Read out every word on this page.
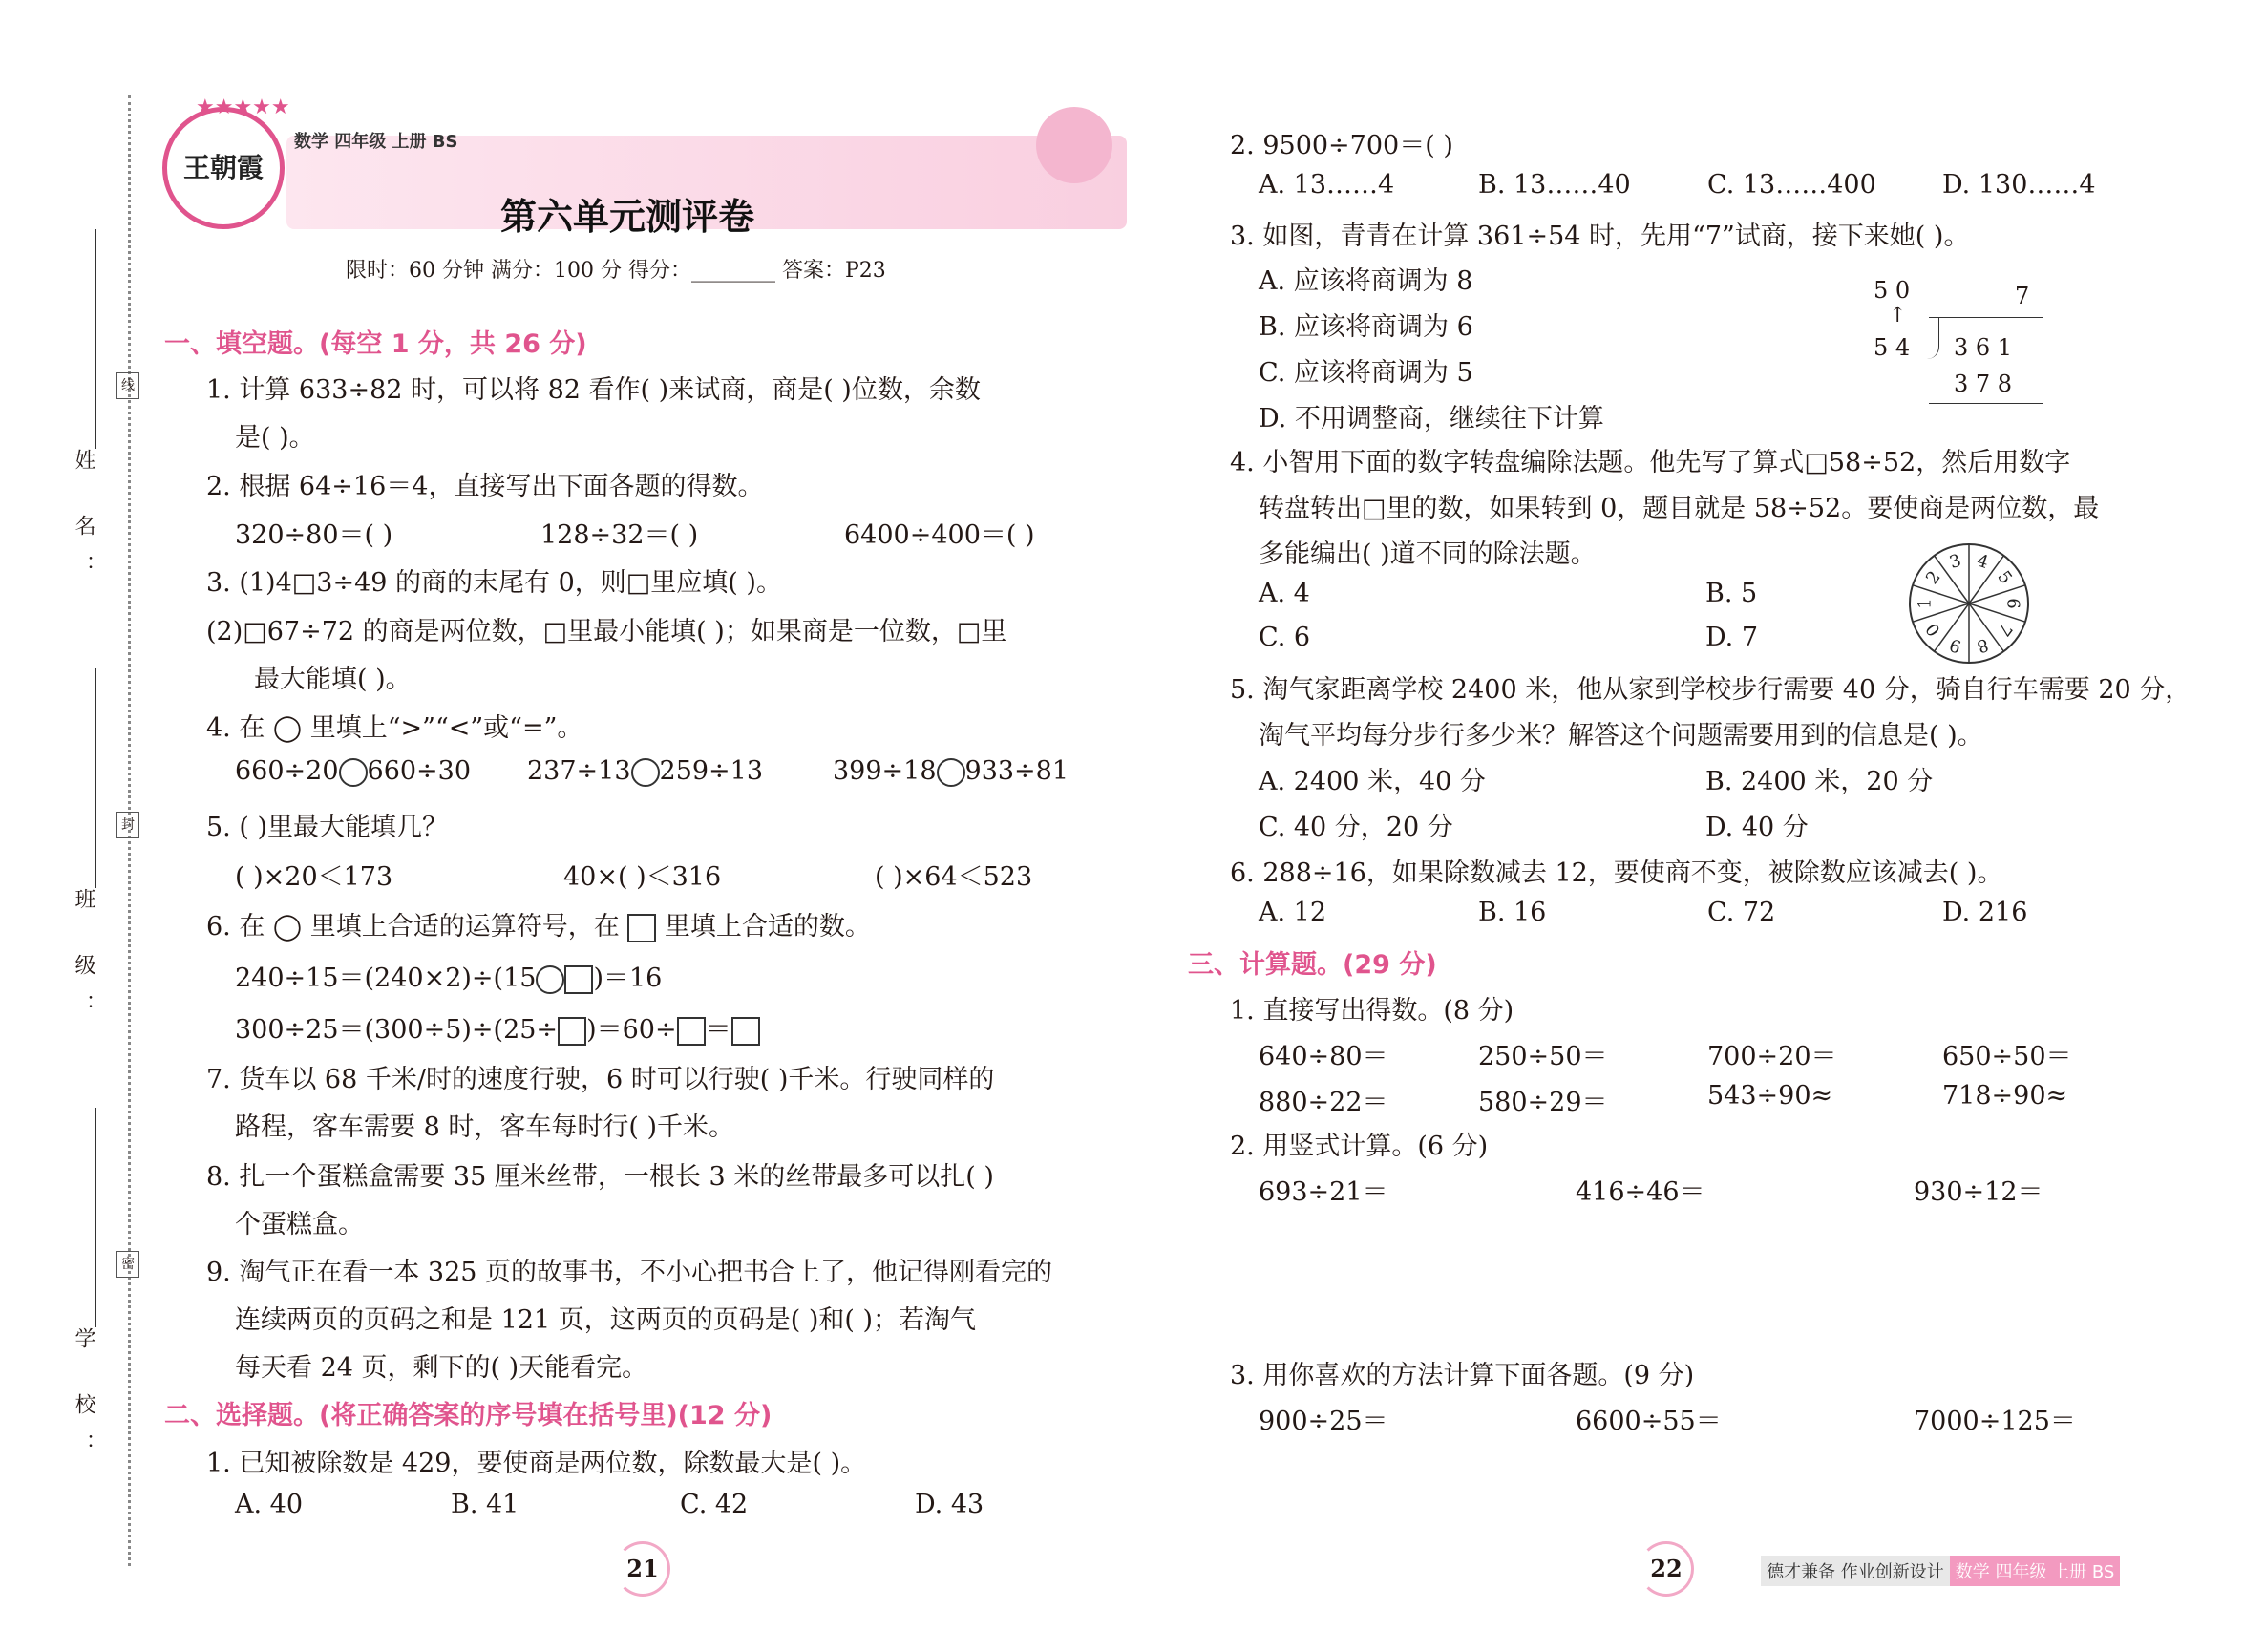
姓 名：
班 级：
学 校：
线
封
密
王朝霞
★★★★★
数学 四年级 上册 BS
第六单元测评卷
限时：60 分钟 满分：100 分 得分：________ 答案：P23
一、填空题。(每空 1 分，共 26 分)
1. 计算 633÷82 时，可以将 82 看作( )来试商，商是( )位数，余数
是( )。
2. 根据 64÷16＝4，直接写出下面各题的得数。
320÷80＝( )	128÷32＝( )	6400÷400＝( )
3. (1)4□3÷49 的商的末尾有 0，则□里应填( )。
(2)□67÷72 的商是两位数，□里最小能填( )；如果商是一位数，□里
最大能填( )。
4. 在 ◯ 里填上“>”“<”或“=”。
660÷20 660÷30 237÷13 259÷13	399÷18 933÷81
5. ( )里最大能填几？
( )×20＜173	40×( )＜316	( )×64＜523
6. 在 ◯ 里填上合适的运算符号，在 里填上合适的数。
240÷15＝(240×2)÷(15 )＝16
300÷25＝(300÷5)÷(25÷ )＝60÷ ＝
7. 货车以 68 千米/时的速度行驶，6 时可以行驶( )千米。行驶同样的
路程，客车需要 8 时，客车每时行( )千米。
8. 扎一个蛋糕盒需要 35 厘米丝带，一根长 3 米的丝带最多可以扎( )
个蛋糕盒。
9. 淘气正在看一本 325 页的故事书，不小心把书合上了，他记得刚看完的
连续两页的页码之和是 121 页，这两页的页码是( )和( )；若淘气
每天看 24 页，剩下的( )天能看完。
二、选择题。(将正确答案的序号填在括号里)(12 分)
1. 已知被除数是 429，要使商是两位数，除数最大是( )。
A. 40	B. 41	C. 42	D. 43
21
2. 9500÷700＝( )
A. 13……4	B. 13……40	C. 13……400	D. 130……4
3. 如图，青青在计算 361÷54 时，先用“7”试商，接下来她( )。
A. 应该将商调为 8
B. 应该将商调为 6
C. 应该将商调为 5
D. 不用调整商，继续往下计算
5 0
↑
7
5 4 3 6 1
3 7 8
4. 小智用下面的数字转盘编除法题。他先写了算式□58÷52，然后用数字
转盘转出□里的数，如果转到 0，题目就是 58÷52。要使商是两位数，最
多能编出( )道不同的除法题。
A. 4	B. 5
C. 6	D. 7
4
5
6
7
8
9
0
1
2
3
5. 淘气家距离学校 2400 米，他从家到学校步行需要 40 分，骑自行车需要 20 分，
淘气平均每分步行多少米？解答这个问题需要用到的信息是( )。
A. 2400 米，40 分	B. 2400 米，20 分
C. 40 分，20 分	D. 40 分
6. 288÷16，如果除数减去 12，要使商不变，被除数应该减去( )。
A. 12	B. 16	C. 72	D. 216
三、计算题。(29 分)
1. 直接写出得数。(8 分)
640÷80＝	250÷50＝	700÷20＝	650÷50＝
880÷22＝	580÷29＝	543÷90≈	718÷90≈
2. 用竖式计算。(6 分)
693÷21＝	416÷46＝	930÷12＝
3. 用你喜欢的方法计算下面各题。(9 分)
900÷25＝	6600÷55＝	7000÷125＝
22	德才兼备 作业创新设计 数学 四年级 上册 BS
